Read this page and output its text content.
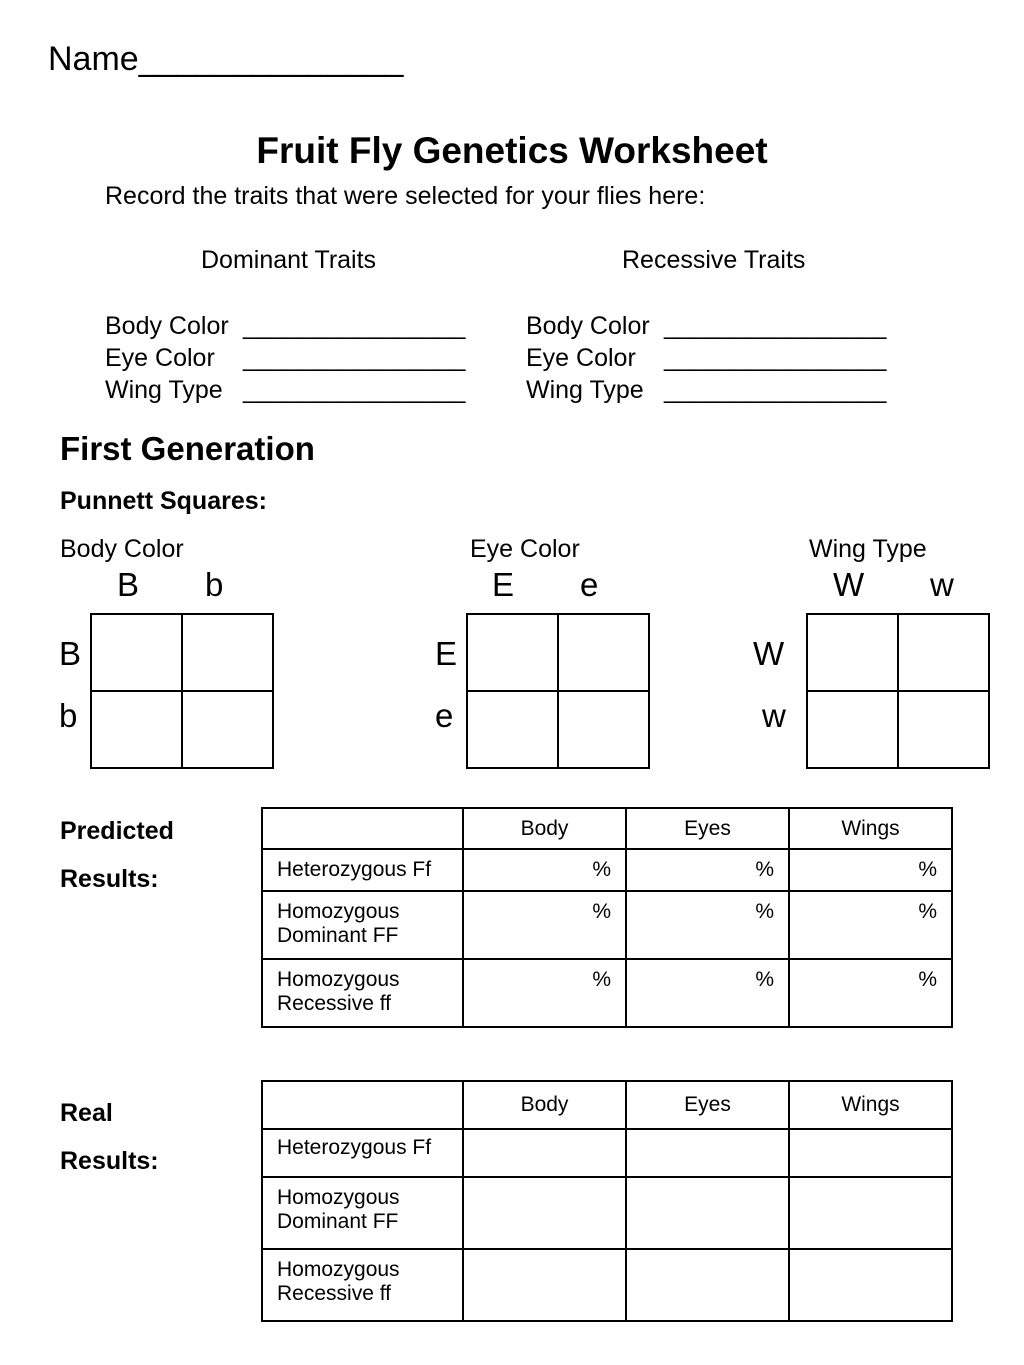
Name______________
Fruit Fly Genetics Worksheet
Record the traits that were selected for your flies here:
Dominant Traits	Recessive Traits
Body Color ________________
Eye Color	________________
Wing Type ________________
Body Color ________________
Eye Color	________________
Wing Type ________________
First Generation
Punnett Squares:
Body Color
B b
B
b

Eye Color
E e
E
e

Wing Type
W w
W
w

Predicted
Results:
	Body	Eyes	Wings

Heterozygous Ff	%	%	%

Homozygous
Dominant FF	%	%	%

Homozygous
Recessive ff	%	%	%
Real
Results:
	Body	Eyes	Wings

Heterozygous Ff			

Homozygous
Dominant FF			

Homozygous
Recessive ff			
